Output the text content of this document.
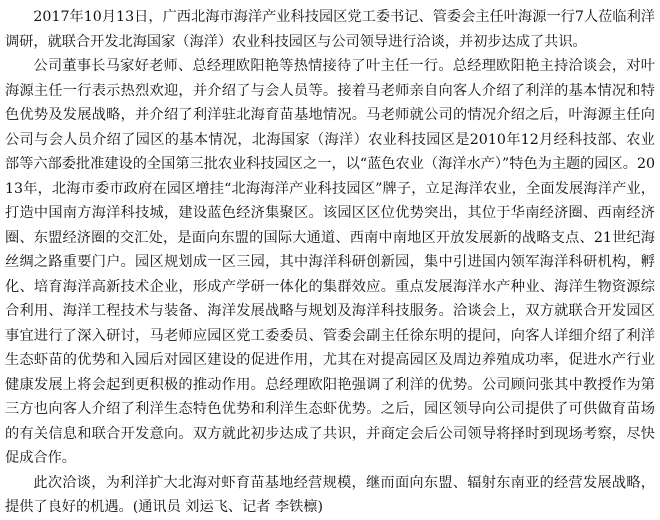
2017年10月13日，广西北海市海洋产业科技园区党工委书记、管委会主任叶海源一行7人莅临利洋调研，就联合开发北海国家（海洋）农业科技园区与公司领导进行洽谈，并初步达成了共识。

公司董事长马家好老师、总经理欧阳艳等热情接待了叶主任一行。总经理欧阳艳主持洽谈会，对叶海源主任一行表示热烈欢迎，并介绍了与会人员等。接着马老师亲自向客人介绍了利洋的基本情况和特色优势及发展战略，并介绍了利洋驻北海育苗基地情况。马老师就公司的情况介绍之后，叶海源主任向公司与会人员介绍了园区的基本情况，北海国家（海洋）农业科技园区是2010年12月经科技部、农业部等六部委批准建设的全国第三批农业科技园区之一，以“蓝色农业（海洋水产）”特色为主题的园区。2013年，北海市委市政府在园区增挂“北海海洋产业科技园区”牌子，立足海洋农业，全面发展海洋产业，打造中国南方海洋科技城，建设蓝色经济集聚区。该园区区位优势突出，其位于华南经济圈、西南经济圈、东盟经济圈的交汇处，是面向东盟的国际大通道、西南中南地区开放发展新的战略支点、21世纪海丝绸之路重要门户。园区规划成一区三园，其中海洋科研创新园，集中引进国内领军海洋科研机构，孵化、培育海洋高新技术企业，形成产学研一体化的集群效应。重点发展海洋水产种业、海洋生物资源综合利用、海洋工程技术与装备、海洋发展战略与规划及海洋科技服务。洽谈会上，双方就联合开发园区事宜进行了深入研讨，马老师应园区党工委委员、管委会副主任徐东明的提问，向客人详细介绍了利洋生态虾苗的优势和入园后对园区建设的促进作用，尤其在对提高园区及周边养殖成功率，促进水产行业健康发展上将会起到更积极的推动作用。总经理欧阳艳强调了利洋的优势。公司顾问张其中教授作为第三方也向客人介绍了利洋生态特色优势和利洋生态虾优势。之后，园区领导向公司提供了可供做育苗场的有关信息和联合开发意向。双方就此初步达成了共识，并商定会后公司领导将择时到现场考察，尽快促成合作。

此次洽谈，为利洋扩大北海对虾育苗基地经营规模，继而面向东盟、辐射东南亚的经营发展战略，提供了良好的机遇。(通讯员 刘运飞、记者 李铁檩)
